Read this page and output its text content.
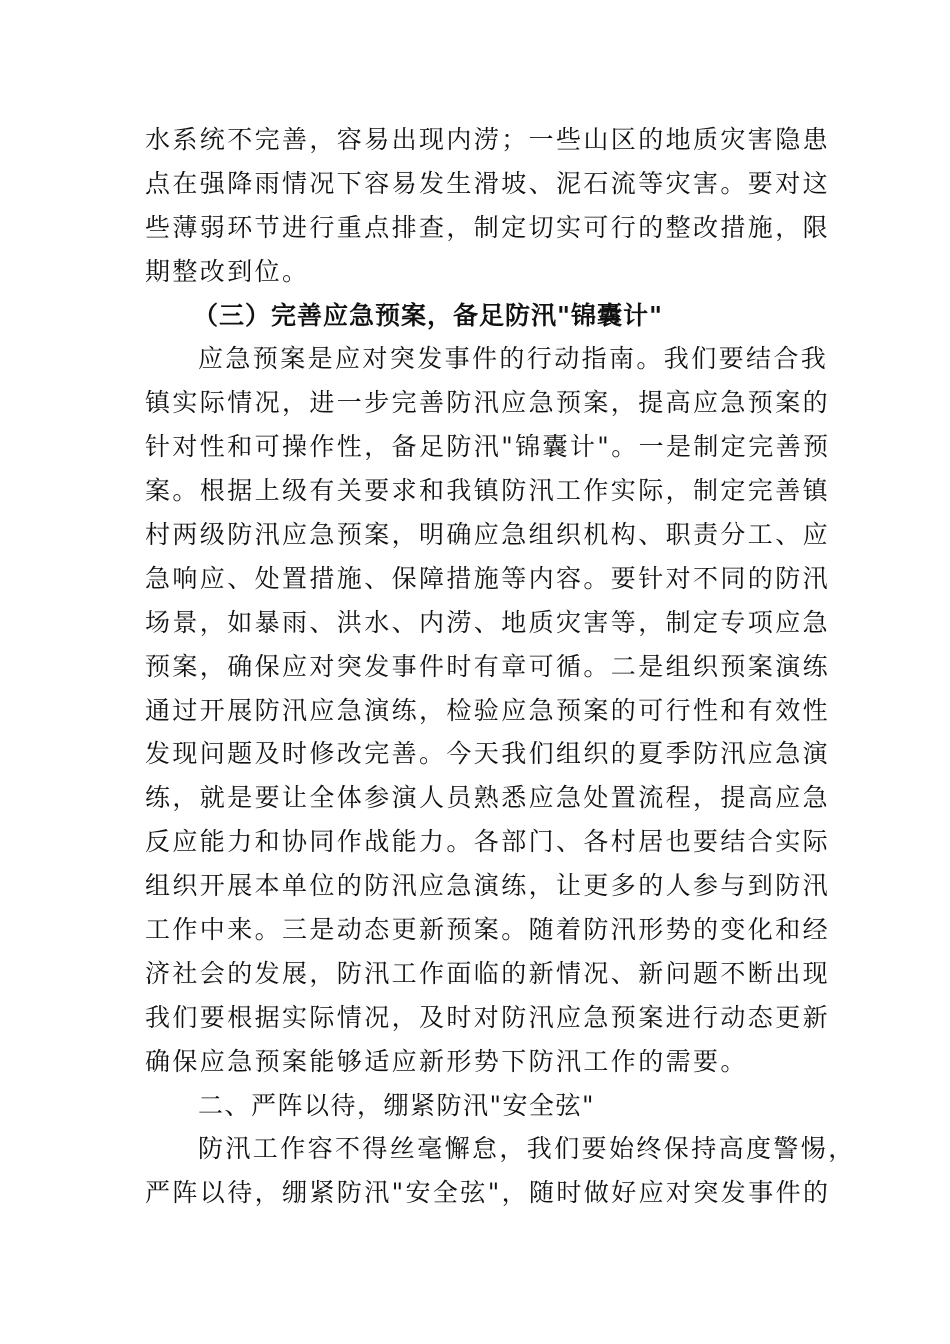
水系统不完善，容易出现内涝；一些山区的地质灾害隐患
点在强降雨情况下容易发生滑坡、泥石流等灾害。要对这
些薄弱环节进行重点排查，制定切实可行的整改措施，限
期整改到位。
（三）完善应急预案，备足防汛"锦囊计"
应急预案是应对突发事件的行动指南。我们要结合我
镇实际情况，进一步完善防汛应急预案，提高应急预案的
针对性和可操作性，备足防汛"锦囊计"。一是制定完善预
案。根据上级有关要求和我镇防汛工作实际，制定完善镇
村两级防汛应急预案，明确应急组织机构、职责分工、应
急响应、处置措施、保障措施等内容。要针对不同的防汛
场景，如暴雨、洪水、内涝、地质灾害等，制定专项应急
预案，确保应对突发事件时有章可循。二是组织预案演练
通过开展防汛应急演练，检验应急预案的可行性和有效性
发现问题及时修改完善。今天我们组织的夏季防汛应急演
练，就是要让全体参演人员熟悉应急处置流程，提高应急
反应能力和协同作战能力。各部门、各村居也要结合实际
组织开展本单位的防汛应急演练，让更多的人参与到防汛
工作中来。三是动态更新预案。随着防汛形势的变化和经
济社会的发展，防汛工作面临的新情况、新问题不断出现
我们要根据实际情况，及时对防汛应急预案进行动态更新
确保应急预案能够适应新形势下防汛工作的需要。
二、严阵以待，绷紧防汛"安全弦"
防汛工作容不得丝毫懈怠，我们要始终保持高度警惕，
严阵以待，绷紧防汛"安全弦"，随时做好应对突发事件的
